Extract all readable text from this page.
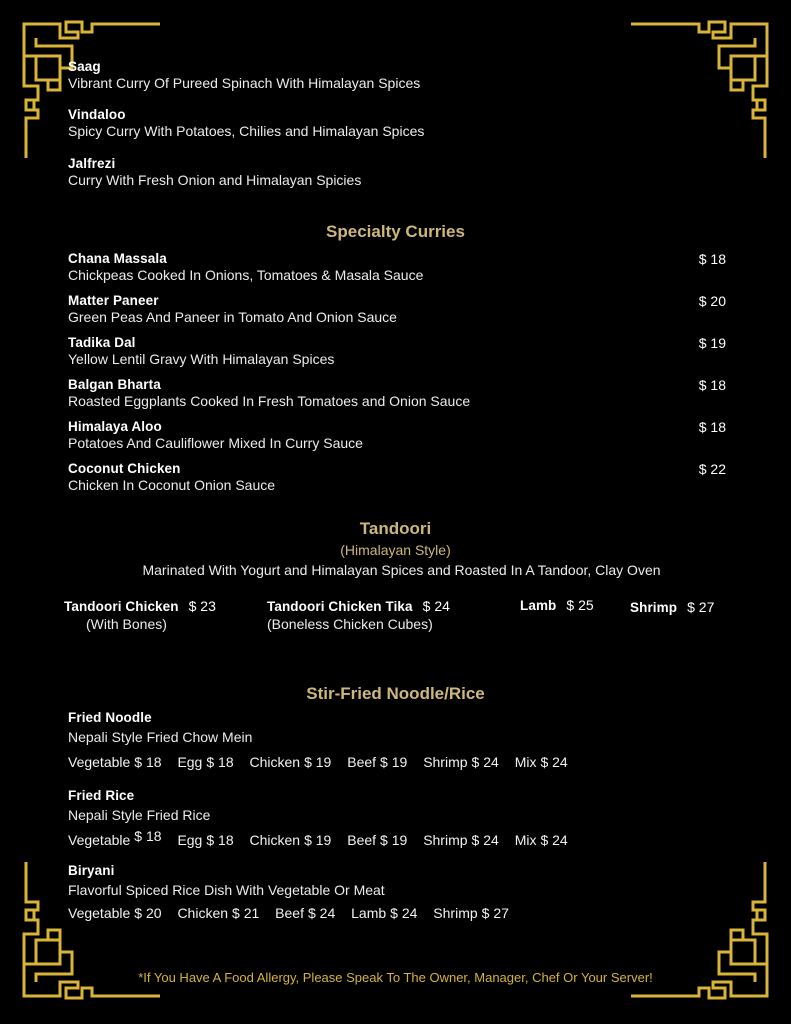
Saag
Vibrant Curry Of Pureed Spinach With Himalayan Spices
Vindaloo
Spicy Curry With Potatoes, Chilies and Himalayan Spices
Jalfrezi
Curry With Fresh Onion and Himalayan Spicies
Specialty Curries
Chana Massala
Chickpeas Cooked In Onions, Tomatoes & Masala Sauce
$ 18
Matter Paneer
Green Peas And Paneer in Tomato And Onion Sauce
$ 20
Tadika Dal
Yellow Lentil Gravy With Himalayan Spices
$ 19
Balgan Bharta
Roasted Eggplants Cooked In Fresh Tomatoes and Onion Sauce
$ 18
Himalaya Aloo
Potatoes And Cauliflower Mixed In Curry Sauce
$ 18
Coconut Chicken
Chicken In Coconut Onion Sauce
$ 22
Tandoori
(Himalayan Style)
Marinated With Yogurt and Himalayan Spices and Roasted In A Tandoor, Clay Oven
Tandoori Chicken $ 23
(With Bones)
Tandoori Chicken Tika $ 24
(Boneless Chicken Cubes)
Lamb $ 25	Shrimp $ 27
Stir-Fried Noodle/Rice
Fried Noodle
Nepali Style Fried Chow Mein
Vegetable $ 18 Egg $ 18 Chicken $ 19 Beef $ 19 Shrimp $ 24 Mix $ 24
Fried Rice
Nepali Style Fried Rice
Vegetable $ 18 Egg $ 18 Chicken $ 19 Beef $ 19 Shrimp $ 24 Mix $ 24
Biryani
Flavorful Spiced Rice Dish With Vegetable Or Meat
Vegetable $ 20 Chicken $ 21 Beef $ 24 Lamb $ 24 Shrimp $ 27
*If You Have A Food Allergy, Please Speak To The Owner, Manager, Chef Or Your Server!
